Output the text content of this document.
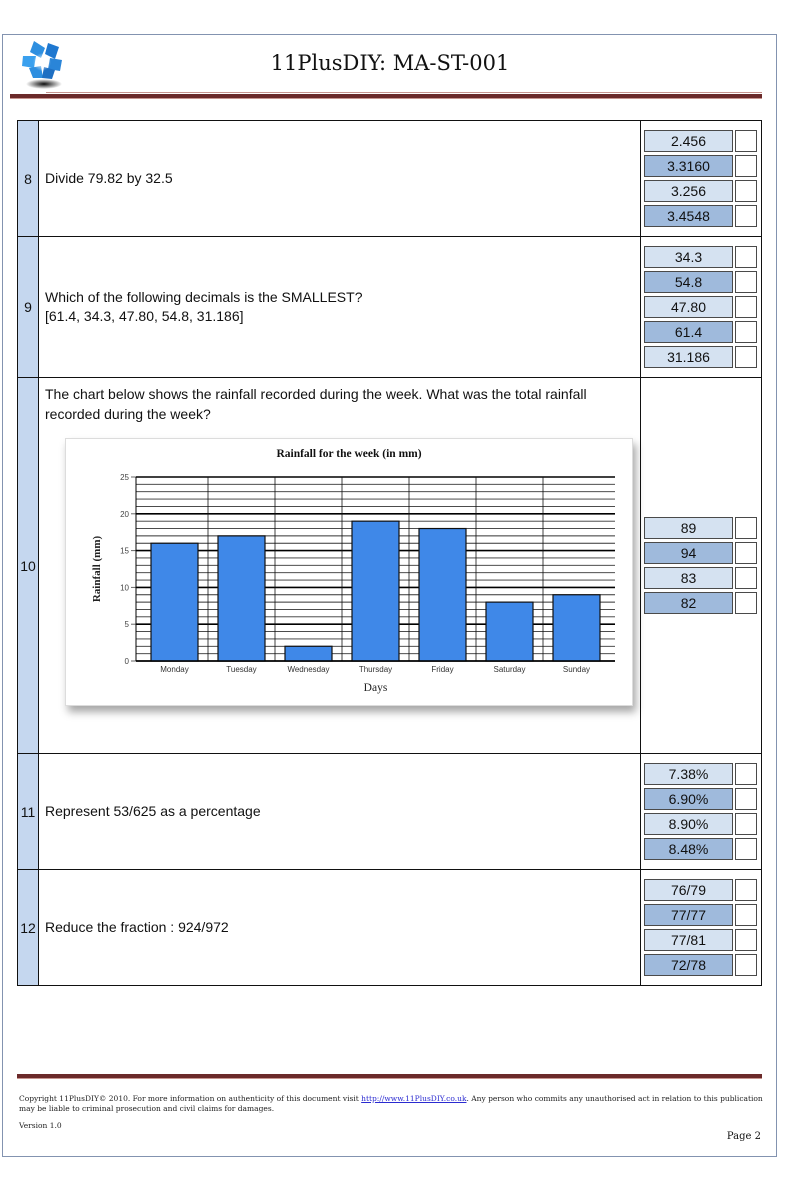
11PlusDIY: MA-ST-001
8	Divide 79.82 by 32.5	2.456
3.3160
3.256
3.4548

9	
Which of the following decimals is the SMALLEST?
[61.4, 34.3, 47.80, 54.8, 31.186]

34.3
54.8
47.80
61.4
31.186

10	
The chart below shows the rainfall recorded during the week. What was the total rainfall recorded during the week?
0
5
10
15
20
25
Monday	Tuesday	Wednesday	Thursday	Friday	Saturday	Sunday
Days
Rainfall (mm)
Rainfall for the week (in mm)

89
94
83
82

11	Represent 53/625 as a percentage	7.38%
6.90%
8.90%
8.48%

12	Reduce the fraction : 924/972	76/79
77/77
77/81
72/78
Copyright 11PlusDIY© 2010. For more information on authenticity of this document visit http://www.11PlusDIY.co.uk. Any person who commits any unauthorised act in relation to this publication may be liable to criminal prosecution and civil claims for damages.
Version 1.0
Page 2
